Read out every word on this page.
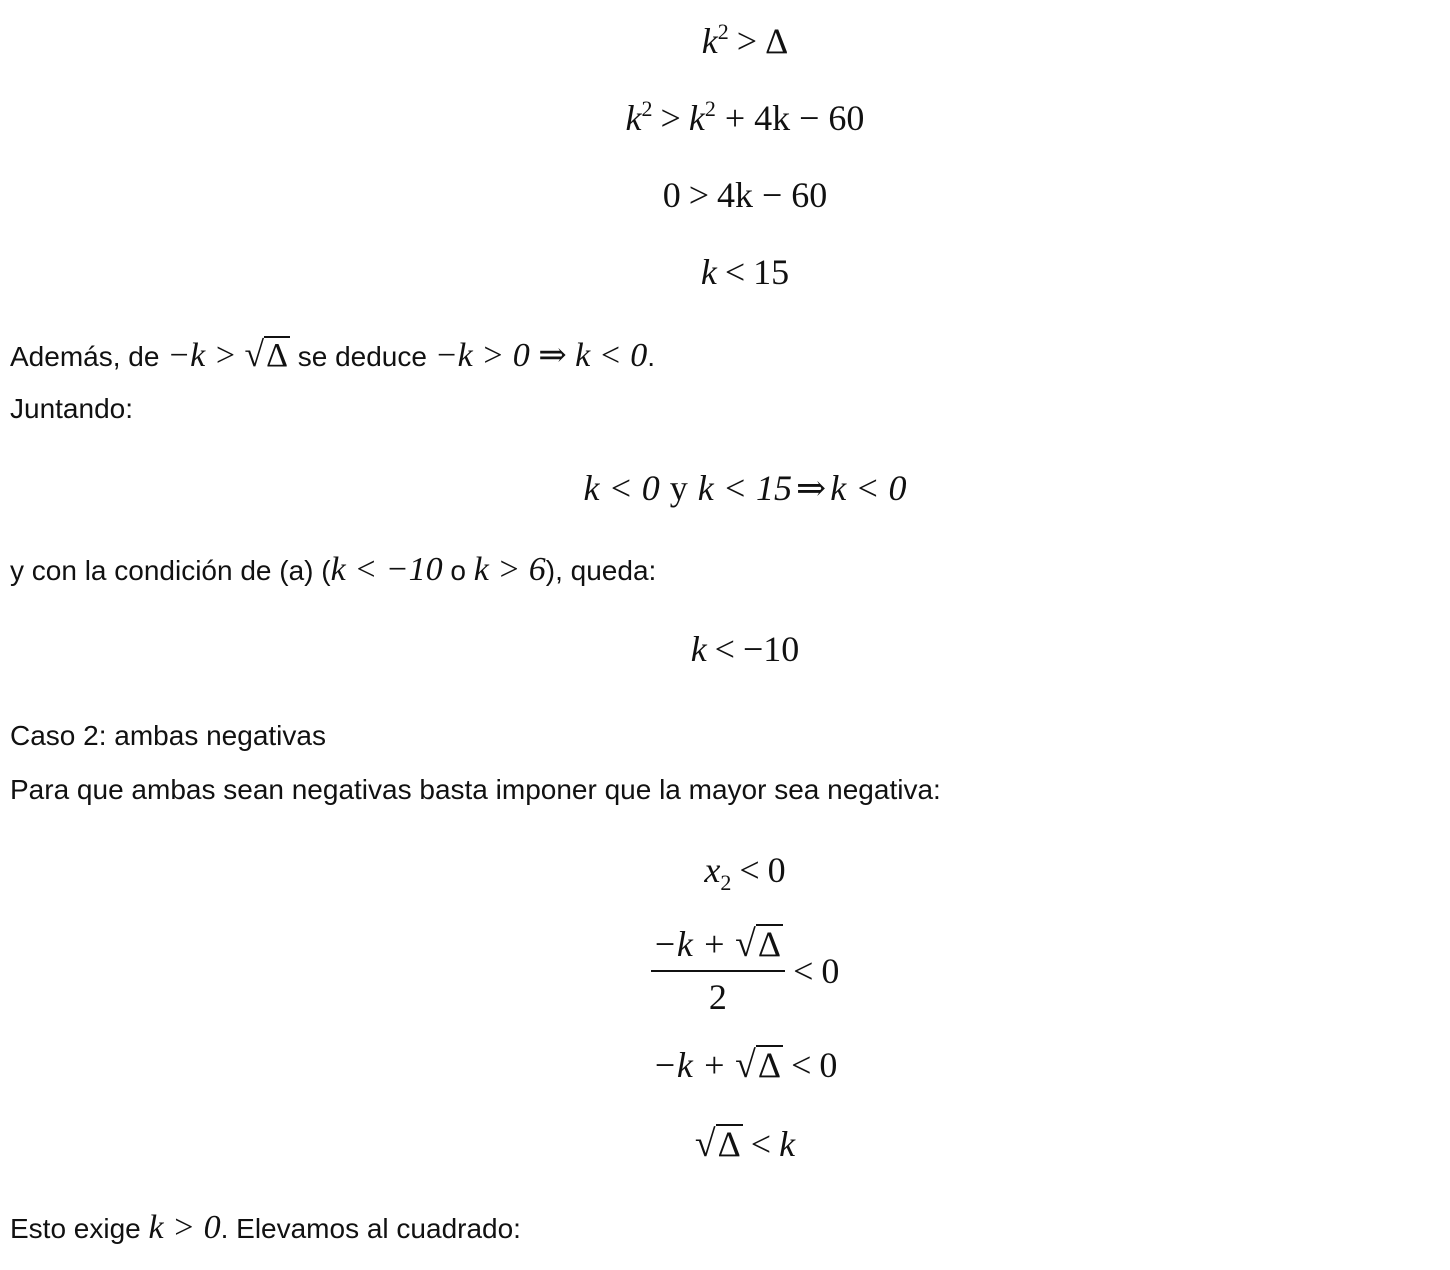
$k^2 > \Delta$
$k^2 > k^2 + 4k - 60$
0 > 4k − 60
k < 15
Además, de −k > √Δ se deduce −k > 0 ⇒ k < 0.
Juntando:
k < 0 y k < 15 ⇒ k < 0
y con la condición de (a) (k < −10 o k > 6), queda:
k < −10
Caso 2: ambas negativas
Para que ambas sean negativas basta imponer que la mayor sea negativa:
$x_2 < 0$
$\frac{-k + √\Delta}{2} < 0$
−k + √Δ < 0
√Δ < k
Esto exige k > 0. Elevamos al cuadrado:
